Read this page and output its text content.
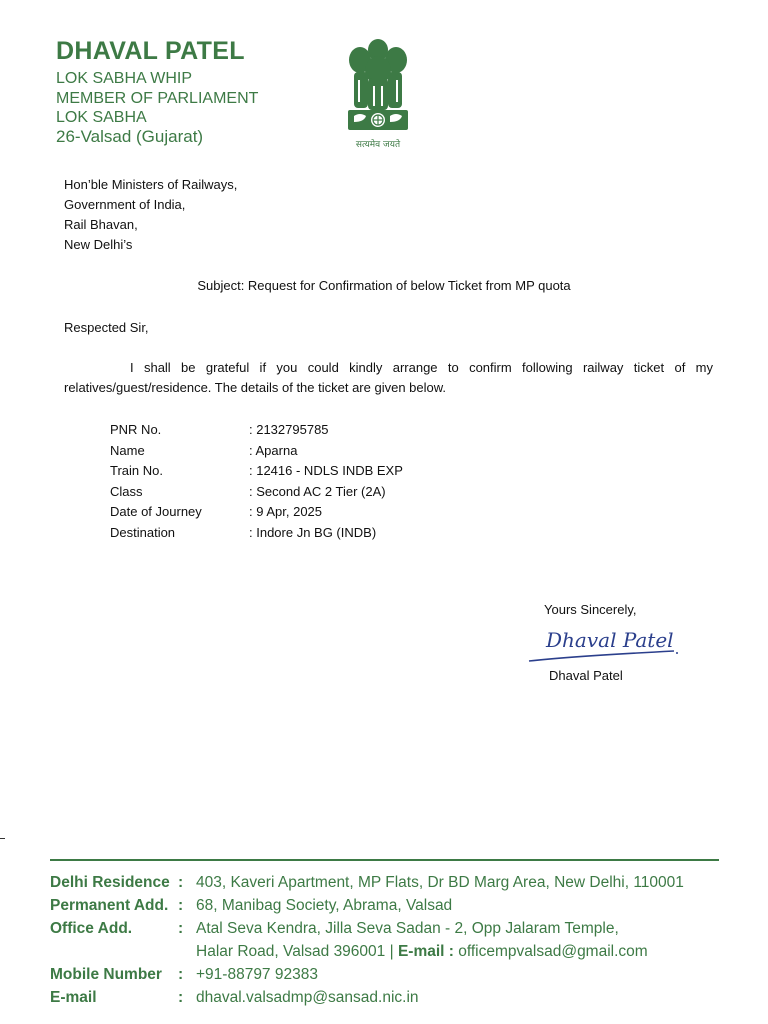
DHAVAL PATEL
LOK SABHA WHIP
MEMBER OF PARLIAMENT
LOK SABHA
26-Valsad (Gujarat)	सत्यमेव जयते
Hon’ble Ministers of Railways,
Government of India,
Rail Bhavan,
New Delhi’s
Subject: Request for Confirmation of below Ticket from MP quota
Respected Sir,
I shall be grateful if you could kindly arrange to confirm following railway ticket of my relatives/guest/residence. The details of the ticket are given below.
PNR No.	: 2132795785
Name	: Aparna
Train No.	: 12416 - NDLS INDB EXP
Class	: Second AC 2 Tier (2A)
Date of Journey	: 9 Apr, 2025
Destination	: Indore Jn BG (INDB)
Yours Sincerely,
Dhaval Patel
Dhaval Patel
Delhi Residence : 403, Kaveri Apartment, MP Flats, Dr BD Marg Area, New Delhi, 110001
Permanent Add. : 68, Manibag Society, Abrama, Valsad
Office Add.	: Atal Seva Kendra, Jilla Seva Sadan - 2, Opp Jalaram Temple,
Halar Road, Valsad 396001 | E-mail : officempvalsad@gmail.com
Mobile Number	: +91-88797 92383
E-mail	: dhaval.valsadmp@sansad.nic.in
